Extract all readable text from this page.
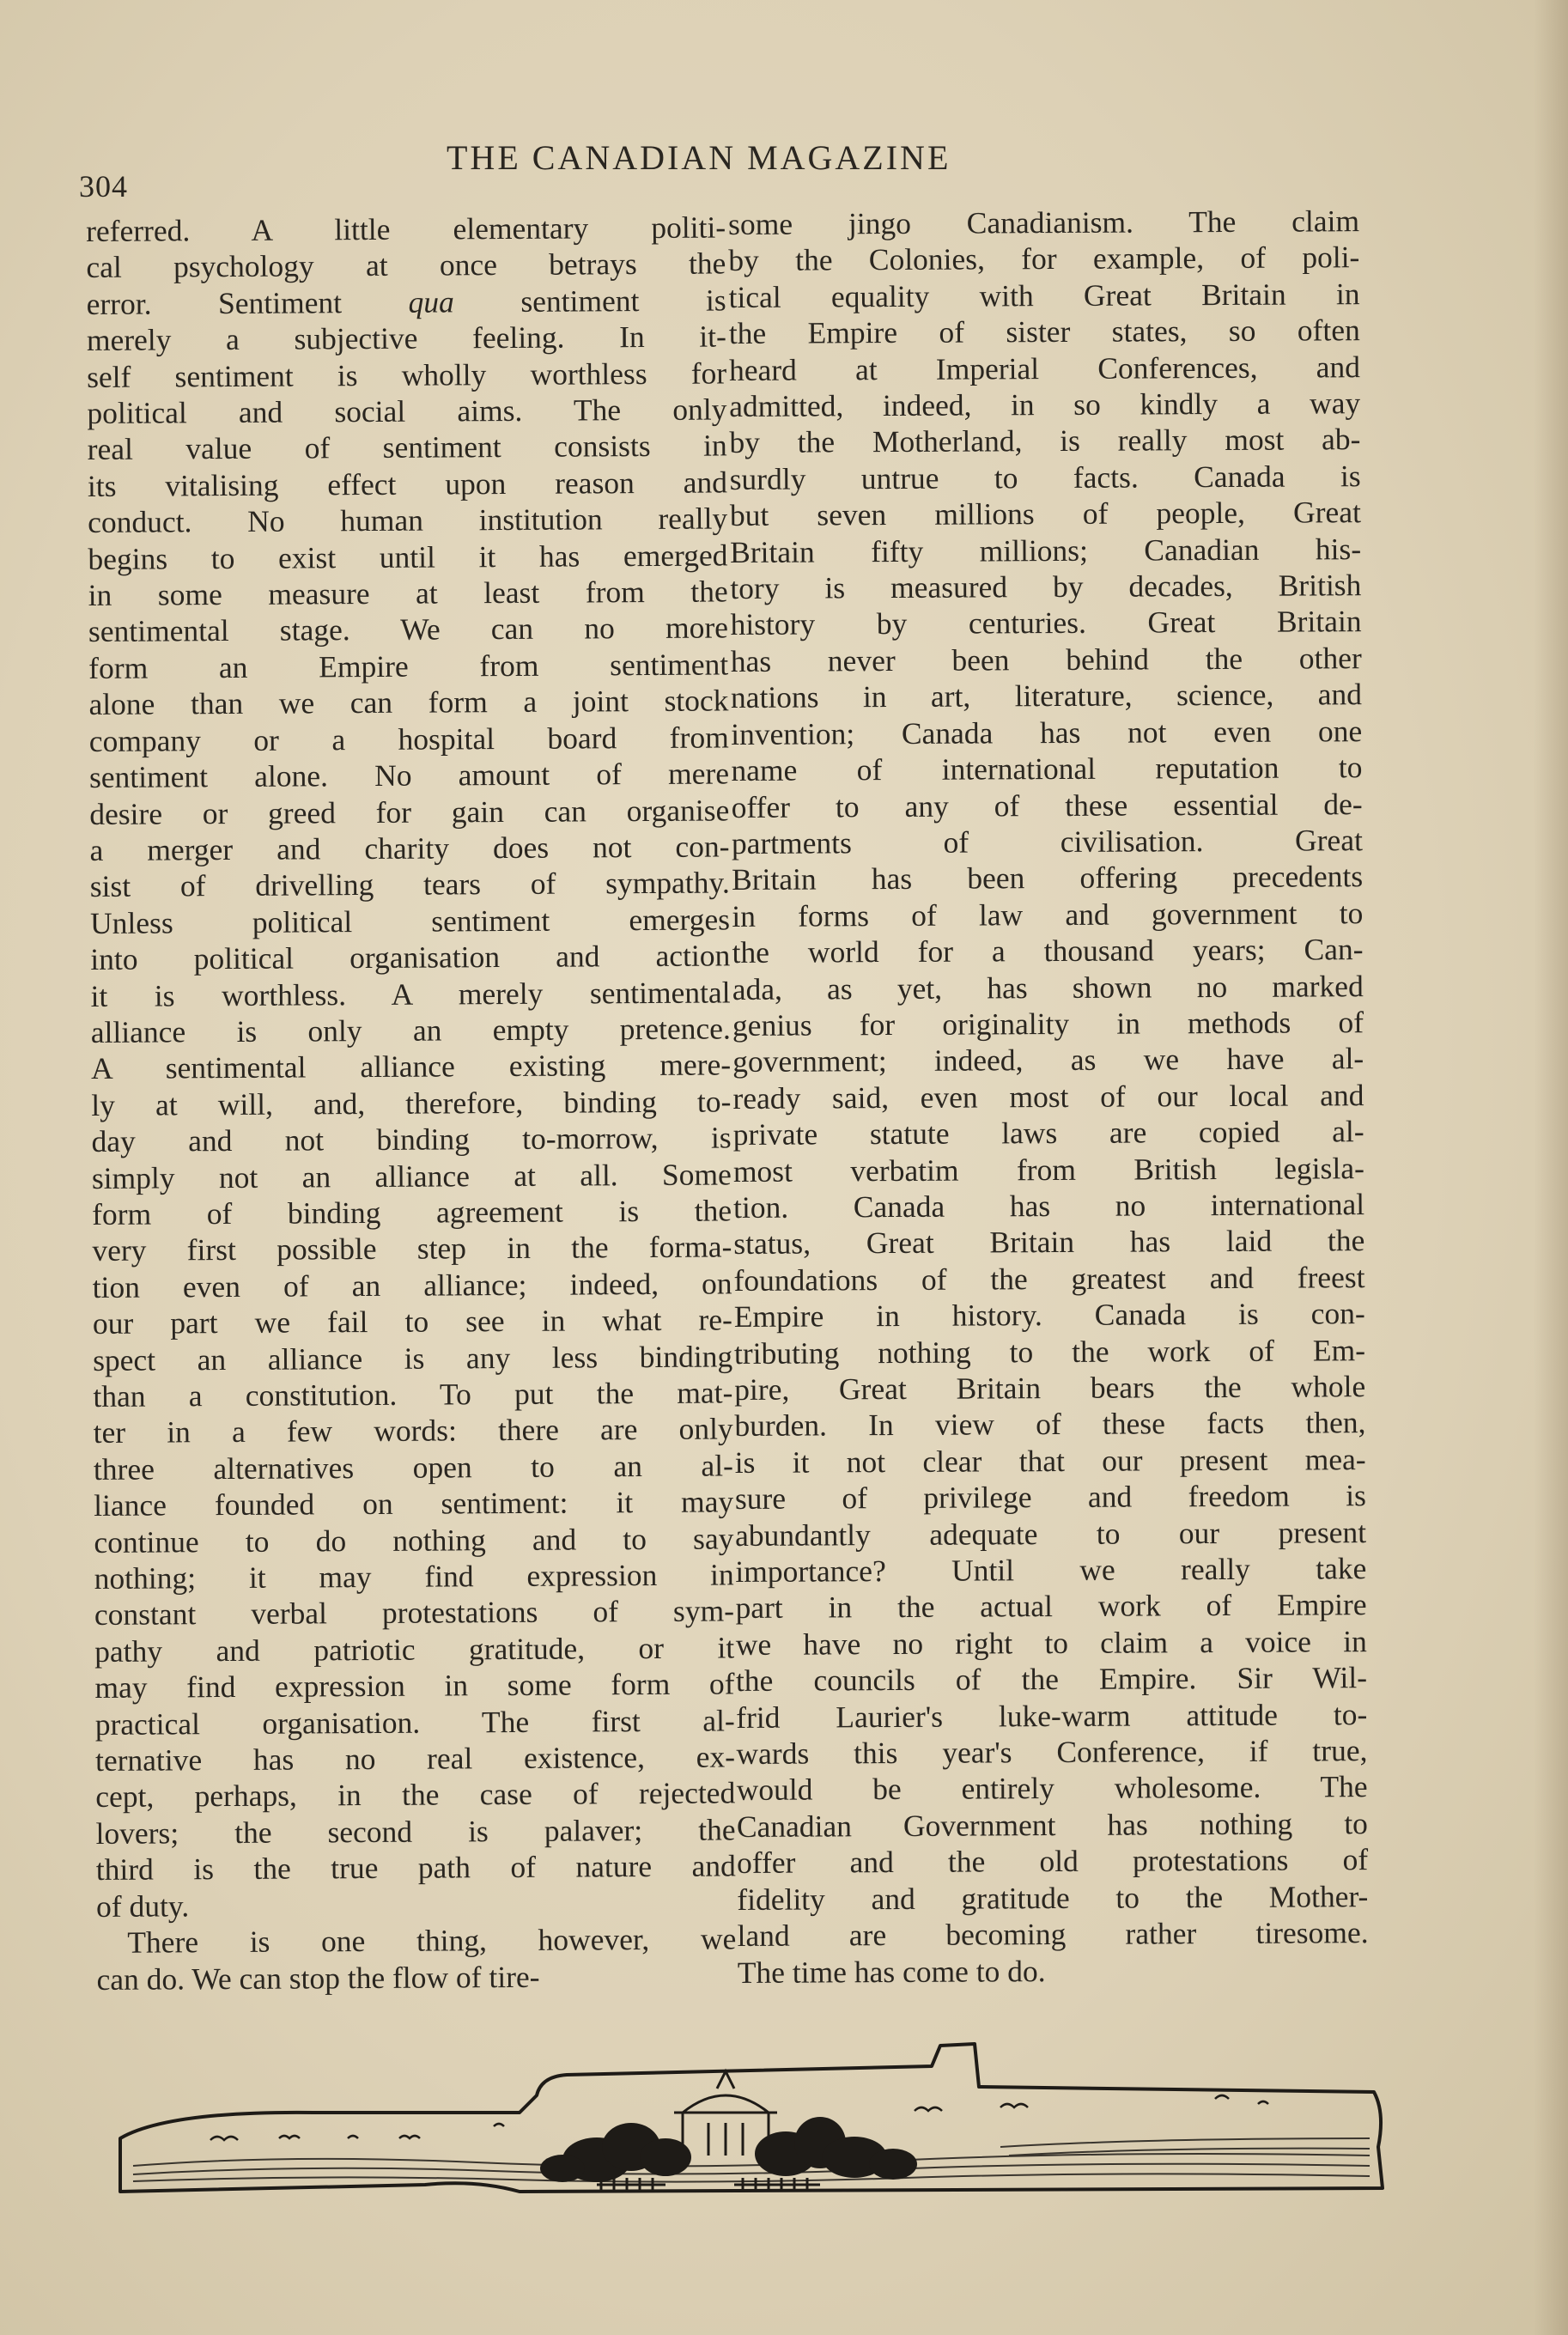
304
THE CANADIAN MAGAZINE
referred. A little elementary politi-
cal psychology at once betrays the
error. Sentiment qua sentiment is
merely a subjective feeling. In it-
self sentiment is wholly worthless for
political and social aims. The only
real value of sentiment consists in
its vitalising effect upon reason and
conduct. No human institution really
begins to exist until it has emerged
in some measure at least from the
sentimental stage. We can no more
form an Empire from sentiment
alone than we can form a joint stock
company or a hospital board from
sentiment alone. No amount of mere
desire or greed for gain can organise
a merger and charity does not con-
sist of drivelling tears of sympathy.
Unless political sentiment emerges
into political organisation and action
it is worthless. A merely sentimental
alliance is only an empty pretence.
A sentimental alliance existing mere-
ly at will, and, therefore, binding to-
day and not binding to-morrow, is
simply not an alliance at all. Some
form of binding agreement is the
very first possible step in the forma-
tion even of an alliance; indeed, on
our part we fail to see in what re-
spect an alliance is any less binding
than a constitution. To put the mat-
ter in a few words: there are only
three alternatives open to an al-
liance founded on sentiment: it may
continue to do nothing and to say
nothing; it may find expression in
constant verbal protestations of sym-
pathy and patriotic gratitude, or it
may find expression in some form of
practical organisation. The first al-
ternative has no real existence, ex-
cept, perhaps, in the case of rejected
lovers; the second is palaver; the
third is the true path of nature and
of duty.
There is one thing, however, we
can do. We can stop the flow of tire-
some jingo Canadianism. The claim
by the Colonies, for example, of poli-
tical equality with Great Britain in
the Empire of sister states, so often
heard at Imperial Conferences, and
admitted, indeed, in so kindly a way
by the Motherland, is really most ab-
surdly untrue to facts. Canada is
but seven millions of people, Great
Britain fifty millions; Canadian his-
tory is measured by decades, British
history by centuries. Great Britain
has never been behind the other
nations in art, literature, science, and
invention; Canada has not even one
name of international reputation to
offer to any of these essential de-
partments of civilisation. Great
Britain has been offering precedents
in forms of law and government to
the world for a thousand years; Can-
ada, as yet, has shown no marked
genius for originality in methods of
government; indeed, as we have al-
ready said, even most of our local and
private statute laws are copied al-
most verbatim from British legisla-
tion. Canada has no international
status, Great Britain has laid the
foundations of the greatest and freest
Empire in history. Canada is con-
tributing nothing to the work of Em-
pire, Great Britain bears the whole
burden. In view of these facts then,
is it not clear that our present mea-
sure of privilege and freedom is
abundantly adequate to our present
importance? Until we really take
part in the actual work of Empire
we have no right to claim a voice in
the councils of the Empire. Sir Wil-
frid Laurier's luke-warm attitude to-
wards this year's Conference, if true,
would be entirely wholesome. The
Canadian Government has nothing to
offer and the old protestations of
fidelity and gratitude to the Mother-
land are becoming rather tiresome.
The time has come to do.
